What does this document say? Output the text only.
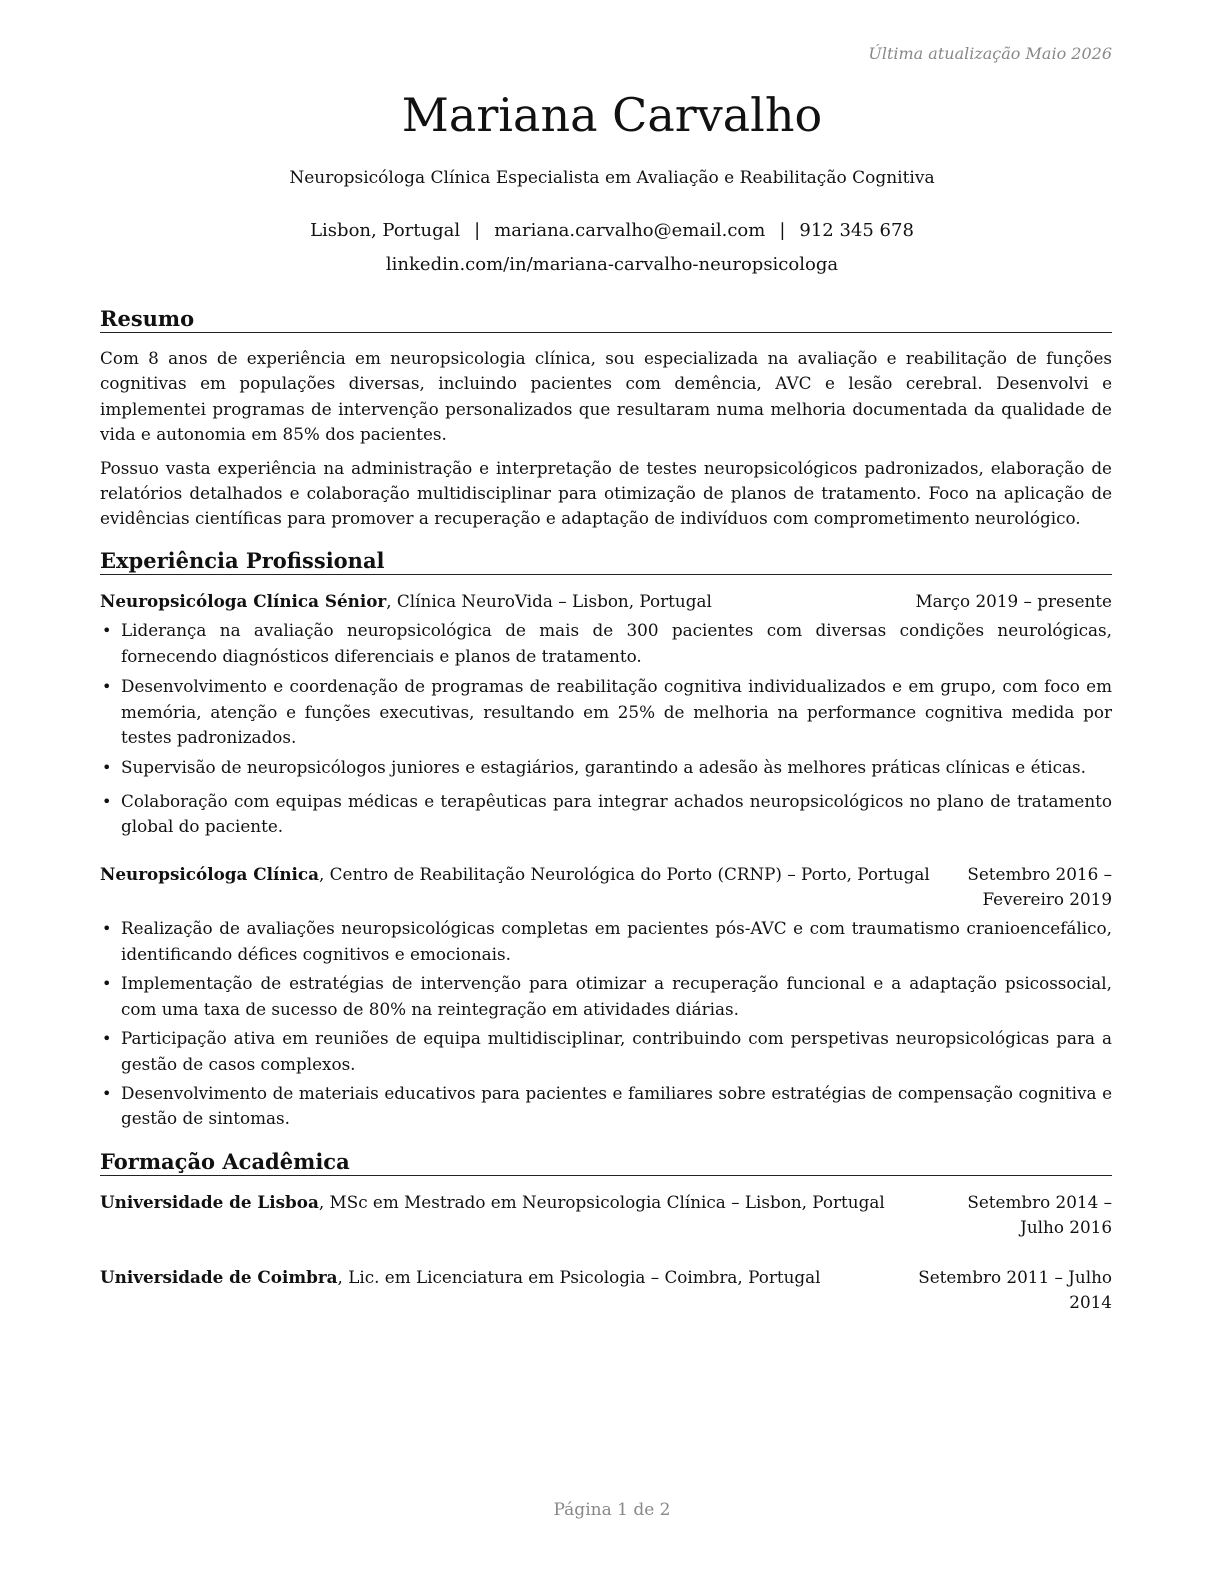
Última atualização Maio 2026
Mariana Carvalho
Neuropsicóloga Clínica Especialista em Avaliação e Reabilitação Cognitiva
Lisbon, Portugal | mariana.carvalho@email.com | 912 345 678
linkedin.com/in/mariana-carvalho-neuropsicologa
Resumo

Com 8 anos de experiência em neuropsicologia clínica, sou especializada na avaliação e reabilitação de funções cognitivas em populações diversas, incluindo pacientes com demência, AVC e lesão cerebral. Desenvolvi e implementei programas de intervenção personalizados que resultaram numa melhoria documentada da qualidade de vida e autonomia em 85% dos pacientes.

Possuo vasta experiência na administração e interpretação de testes neuropsicológicos padronizados, elaboração de relatórios detalhados e colaboração multidisciplinar para otimização de planos de tratamento. Foco na aplicação de evidências científicas para promover a recuperação e adaptação de indivíduos com comprometimento neurológico.

Experiência Profissional
Neuropsicóloga Clínica Sénior, Clínica NeuroVida – Lisbon, Portugal	Março 2019 – presente
• Liderança na avaliação neuropsicológica de mais de 300 pacientes com diversas condições neurológicas, fornecendo diagnósticos diferenciais e planos de tratamento.
• Desenvolvimento e coordenação de programas de reabilitação cognitiva individualizados e em grupo, com foco em memória, atenção e funções executivas, resultando em 25% de melhoria na performance cognitiva medida por testes padronizados.
• Supervisão de neuropsicólogos juniores e estagiários, garantindo a adesão às melhores práticas clínicas e éticas.
• Colaboração com equipas médicas e terapêuticas para integrar achados neuropsicológicos no plano de tratamento global do paciente.
Neuropsicóloga Clínica, Centro de Reabilitação Neurológica do Porto (CRNP) – Porto, Portugal	Setembro 2016 – Fevereiro 2019
• Realização de avaliações neuropsicológicas completas em pacientes pós-AVC e com traumatismo cranioencefálico, identificando défices cognitivos e emocionais.
• Implementação de estratégias de intervenção para otimizar a recuperação funcional e a adaptação psicossocial, com uma taxa de sucesso de 80% na reintegração em atividades diárias.
• Participação ativa em reuniões de equipa multidisciplinar, contribuindo com perspetivas neuropsicológicas para a gestão de casos complexos.
• Desenvolvimento de materiais educativos para pacientes e familiares sobre estratégias de compensação cognitiva e gestão de sintomas.
Formação Acadêmica
Universidade de Lisboa, MSc em Mestrado em Neuropsicologia Clínica – Lisbon, Portugal	Setembro 2014 – Julho 2016
Universidade de Coimbra, Lic. em Licenciatura em Psicologia – Coimbra, Portugal	Setembro 2011 – Julho 2014
Página 1 de 2
